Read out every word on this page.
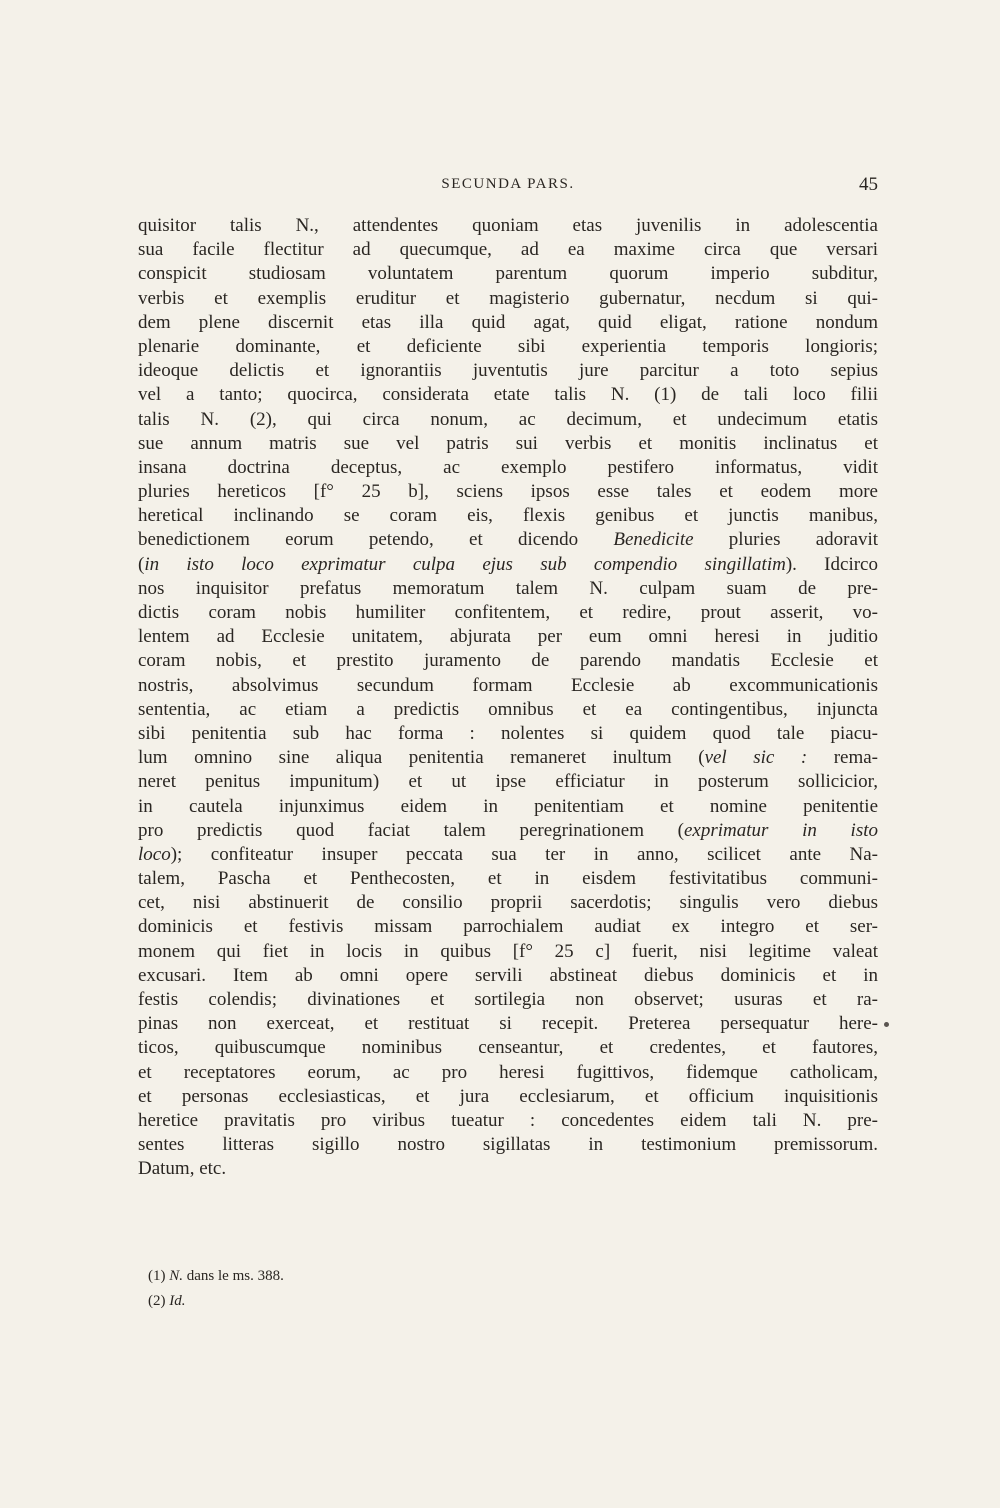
SECUNDA PARS.	45
quisitor talis N., attendentes quoniam etas juvenilis in adolescentia
sua facile flectitur ad quecumque, ad ea maxime circa que versari
conspicit studiosam voluntatem parentum quorum imperio subditur,
verbis et exemplis eruditur et magisterio gubernatur, necdum si qui-
dem plene discernit etas illa quid agat, quid eligat, ratione nondum
plenarie dominante, et deficiente sibi experientia temporis longioris;
ideoque delictis et ignorantiis juventutis jure parcitur a toto sepius
vel a tanto; quocirca, considerata etate talis N. (1) de tali loco filii
talis N. (2), qui circa nonum, ac decimum, et undecimum etatis
sue annum matris sue vel patris sui verbis et monitis inclinatus et
insana doctrina deceptus, ac exemplo pestifero informatus, vidit
pluries hereticos [f° 25 b], sciens ipsos esse tales et eodem more
heretical inclinando se coram eis, flexis genibus et junctis manibus,
benedictionem eorum petendo, et dicendo Benedicite pluries adoravit
(in isto loco exprimatur culpa ejus sub compendio singillatim). Idcirco
nos inquisitor prefatus memoratum talem N. culpam suam de pre-
dictis coram nobis humiliter confitentem, et redire, prout asserit, vo-
lentem ad Ecclesie unitatem, abjurata per eum omni heresi in juditio
coram nobis, et prestito juramento de parendo mandatis Ecclesie et
nostris, absolvimus secundum formam Ecclesie ab excommunicationis
sententia, ac etiam a predictis omnibus et ea contingentibus, injuncta
sibi penitentia sub hac forma : nolentes si quidem quod tale piacu-
lum omnino sine aliqua penitentia remaneret inultum (vel sic : rema-
neret penitus impunitum) et ut ipse efficiatur in posterum sollicicior,
in cautela injunximus eidem in penitentiam et nomine penitentie
pro predictis quod faciat talem peregrinationem (exprimatur in isto
loco); confiteatur insuper peccata sua ter in anno, scilicet ante Na-
talem, Pascha et Penthecosten, et in eisdem festivitatibus communi-
cet, nisi abstinuerit de consilio proprii sacerdotis; singulis vero diebus
dominicis et festivis missam parrochialem audiat ex integro et ser-
monem qui fiet in locis in quibus [f° 25 c] fuerit, nisi legitime valeat
excusari. Item ab omni opere servili abstineat diebus dominicis et in
festis colendis; divinationes et sortilegia non observet; usuras et ra-
pinas non exerceat, et restituat si recepit. Preterea persequatur here-
ticos, quibuscumque nominibus censeantur, et credentes, et fautores,
et receptatores eorum, ac pro heresi fugittivos, fidemque catholicam,
et personas ecclesiasticas, et jura ecclesiarum, et officium inquisitionis
heretice pravitatis pro viribus tueatur : concedentes eidem tali N. pre-
sentes litteras sigillo nostro sigillatas in testimonium premissorum.
Datum, etc.
(1) N. dans le ms. 388.
(2) Id.
